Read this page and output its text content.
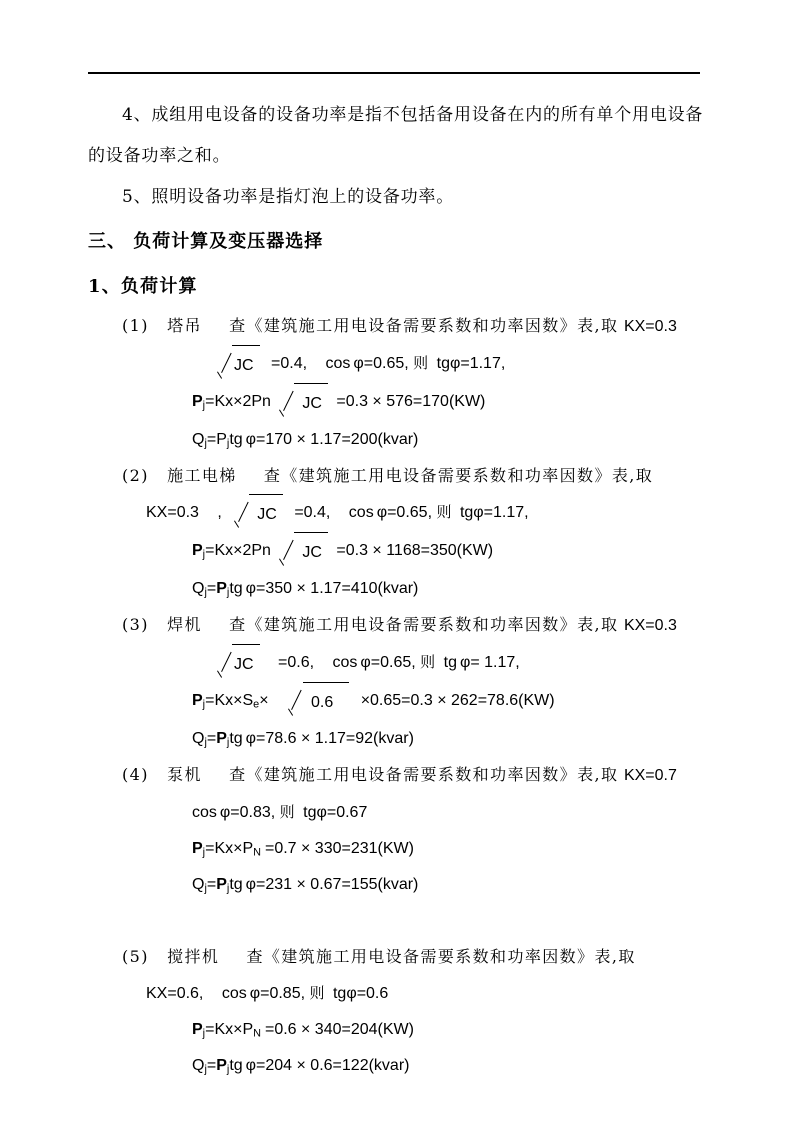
4、成组用电设备的设备功率是指不包括备用设备在内的所有单个用电设备的设备功率之和。

5、照明设备功率是指灯泡上的设备功率。

三、 负荷计算及变压器选择
1、负荷计算
(1) 塔吊 查《建筑施工用电设备需要系数和功率因数》表,取 KX=0.3
JC =0.4, cos φ=0.65, 则 tgφ=1.17,
$P_j=Kx\times 2Pn$ JC =0.3 × 576=170(KW)
$Q_j=P_jtg$ φ=170 × 1.17=200(kvar)
(2) 施工电梯 查《建筑施工用电设备需要系数和功率因数》表,取
KX=0.3 , JC =0.4, cos φ=0.65, 则 tgφ=1.17,
$P_j=Kx\times 2Pn$ JC =0.3 × 1168=350(KW)
$Q_j=P_jtg$ φ=350 × 1.17=410(kvar)
(3) 焊机 查《建筑施工用电设备需要系数和功率因数》表,取 KX=0.3
JC =0.6, cos φ=0.65, 则 tg φ= 1.17,
$P_j=Kx\times S_e\times$	0.6 ×0.65=0.3 × 262=78.6(KW)
$Q_j=P_jtg$ φ=78.6 × 1.17=92(kvar)
(4) 泵机 查《建筑施工用电设备需要系数和功率因数》表,取 KX=0.7
cos φ=0.83, 则 tgφ=0.67
$P_j=Kx\times P_N =0.7 \times 330=231(KW)$
$Q_j=P_jtg$ φ=231 × 0.67=155(kvar)
(5) 搅拌机 查《建筑施工用电设备需要系数和功率因数》表,取
KX=0.6, cos φ=0.85, 则 tgφ=0.6
$P_j=Kx\times P_N =0.6 \times 340=204(KW)$
$Q_j=P_jtg$ φ=204 × 0.6=122(kvar)
